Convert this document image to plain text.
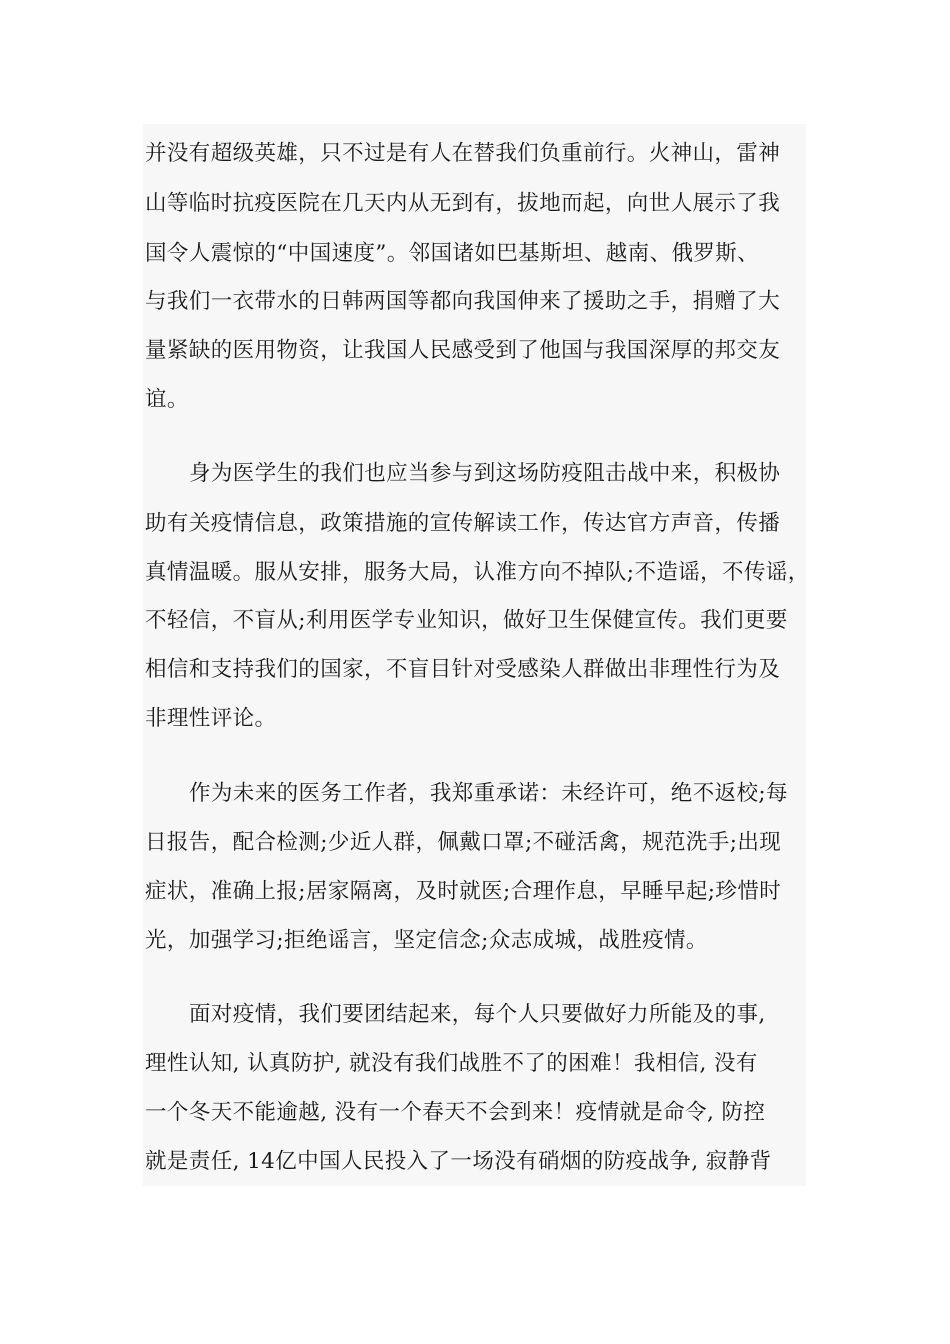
并没有超级英雄，只不过是有人在替我们负重前行。火神山，雷神
山等临时抗疫医院在几天内从无到有，拔地而起，向世人展示了我
国令人震惊的“中国速度”。邻国诸如巴基斯坦、越南、俄罗斯、
与我们一衣带水的日韩两国等都向我国伸来了援助之手，捐赠了大
量紧缺的医用物资，让我国人民感受到了他国与我国深厚的邦交友
谊。
身为医学生的我们也应当参与到这场防疫阻击战中来，积极协
助有关疫情信息，政策措施的宣传解读工作，传达官方声音，传播
真情温暖。服从安排，服务大局，认准方向不掉队;不造谣，不传谣，
不轻信，不盲从;利用医学专业知识，做好卫生保健宣传。我们更要
相信和支持我们的国家，不盲目针对受感染人群做出非理性行为及
非理性评论。
作为未来的医务工作者，我郑重承诺：未经许可，绝不返校;每
日报告，配合检测;少近人群，佩戴口罩;不碰活禽，规范洗手;出现
症状，准确上报;居家隔离，及时就医;合理作息，早睡早起;珍惜时
光，加强学习;拒绝谣言，坚定信念;众志成城，战胜疫情。
面对疫情，我们要团结起来，每个人只要做好力所能及的事,
理性认知, 认真防护, 就没有我们战胜不了的困难！我相信, 没有
一个冬天不能逾越, 没有一个春天不会到来！疫情就是命令, 防控
就是责任, 14亿中国人民投入了一场没有硝烟的防疫战争, 寂静背
